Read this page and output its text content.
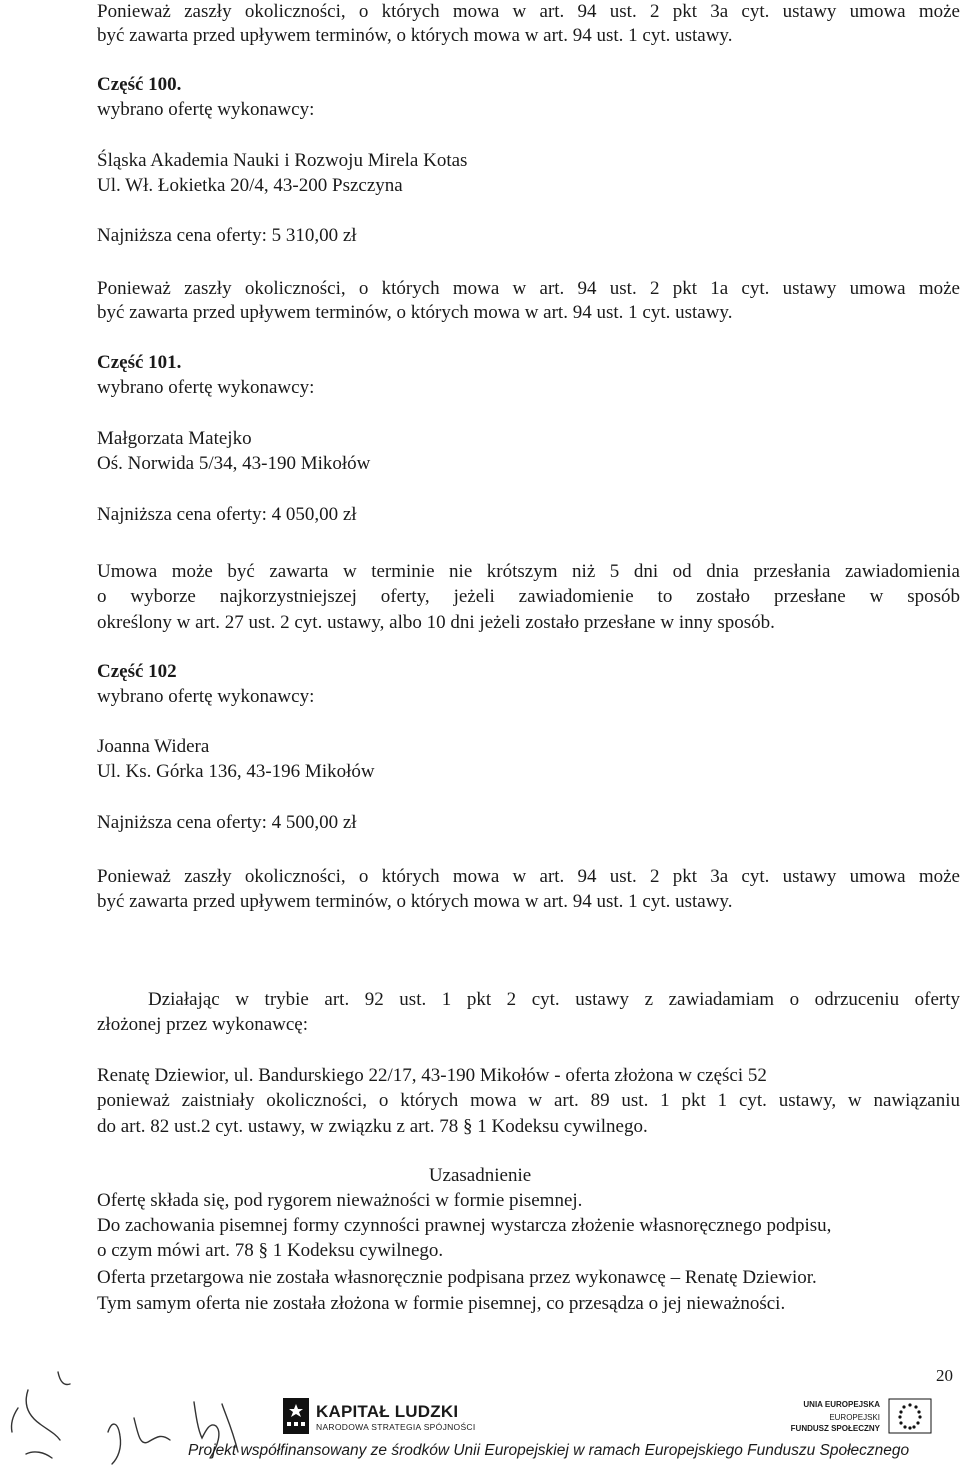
Ponieważ zaszły okoliczności, o których mowa w art. 94 ust. 2 pkt 3a cyt. ustawy umowa może
być zawarta przed upływem terminów, o których mowa w art. 94 ust. 1 cyt. ustawy.
Część 100.
wybrano ofertę wykonawcy:
Śląska Akademia Nauki i Rozwoju Mirela Kotas
Ul. Wł. Łokietka 20/4, 43-200 Pszczyna
Najniższa cena oferty: 5 310,00 zł
Ponieważ zaszły okoliczności, o których mowa w art. 94 ust. 2 pkt 1a cyt. ustawy umowa może
być zawarta przed upływem terminów, o których mowa w art. 94 ust. 1 cyt. ustawy.
Część 101.
wybrano ofertę wykonawcy:
Małgorzata Matejko
Oś. Norwida 5/34, 43-190 Mikołów
Najniższa cena oferty: 4 050,00 zł
Umowa może być zawarta w terminie nie krótszym niż 5 dni od dnia przesłania zawiadomienia
o wyborze najkorzystniejszej oferty, jeżeli zawiadomienie to zostało przesłane w sposób
określony w art. 27 ust. 2 cyt. ustawy, albo 10 dni jeżeli zostało przesłane w inny sposób.
Część 102
wybrano ofertę wykonawcy:
Joanna Widera
Ul. Ks. Górka 136, 43-196 Mikołów
Najniższa cena oferty: 4 500,00 zł
Ponieważ zaszły okoliczności, o których mowa w art. 94 ust. 2 pkt 3a cyt. ustawy umowa może
być zawarta przed upływem terminów, o których mowa w art. 94 ust. 1 cyt. ustawy.
Działając w trybie art. 92 ust. 1 pkt 2 cyt. ustawy z zawiadamiam o odrzuceniu oferty
złożonej przez wykonawcę:
Renatę Dziewior, ul. Bandurskiego 22/17, 43-190 Mikołów - oferta złożona w części 52
ponieważ zaistniały okoliczności, o których mowa w art. 89 ust. 1 pkt 1 cyt. ustawy, w nawiązaniu
do art. 82 ust.2 cyt. ustawy, w związku z art. 78 § 1 Kodeksu cywilnego.
Uzasadnienie
Ofertę składa się, pod rygorem nieważności w formie pisemnej.
Do zachowania pisemnej formy czynności prawnej wystarcza złożenie własnoręcznego podpisu,
o czym mówi art. 78 § 1 Kodeksu cywilnego.
Oferta przetargowa nie została własnoręcznie podpisana przez wykonawcę – Renatę Dziewior.
Tym samym oferta nie została złożona w formie pisemnej, co przesądza o jej nieważności.
20
KAPITAŁ LUDZKI
NARODOWA STRATEGIA SPÓJNOŚCI
UNIA EUROPEJSKA
EUROPEJSKI
FUNDUSZ SPOŁECZNY
Projekt współfinansowany ze środków Unii Europejskiej w ramach Europejskiego Funduszu Społecznego
